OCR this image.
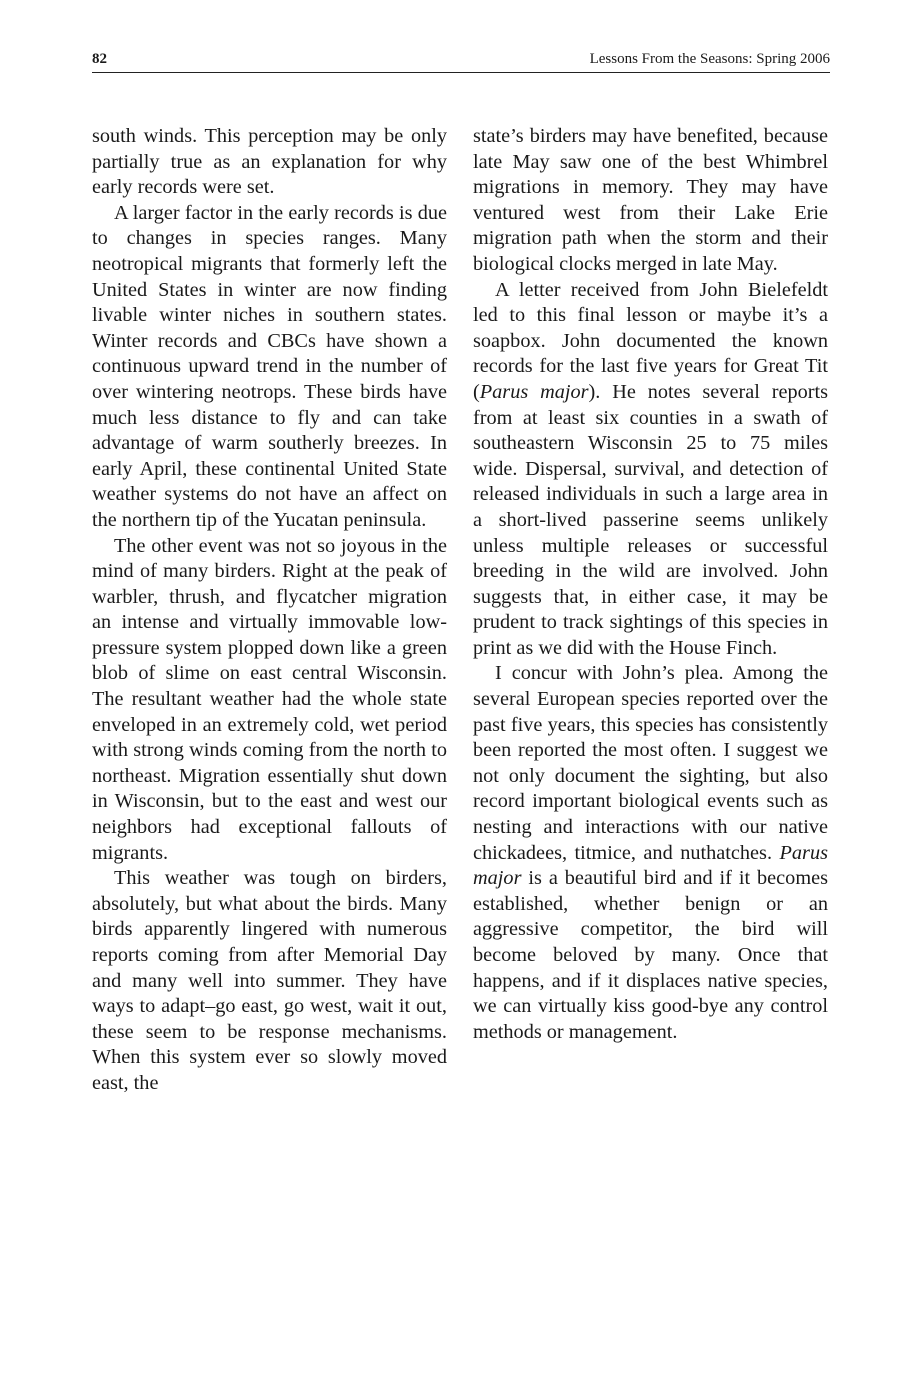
82	Lessons From the Seasons: Spring 2006

south winds. This perception may be only partially true as an explanation for why early records were set.

A larger factor in the early records is due to changes in species ranges. Many neotropical migrants that formerly left the United States in winter are now finding livable winter niches in southern states. Winter records and CBCs have shown a continuous upward trend in the number of over wintering neotrops. These birds have much less distance to fly and can take advantage of warm southerly breezes. In early April, these continental United State weather systems do not have an affect on the northern tip of the Yucatan peninsula.

The other event was not so joyous in the mind of many birders. Right at the peak of warbler, thrush, and flycatcher migration an intense and virtually immovable low-pressure system plopped down like a green blob of slime on east central Wisconsin. The resultant weather had the whole state enveloped in an extremely cold, wet period with strong winds coming from the north to northeast. Migration essentially shut down in Wisconsin, but to the east and west our neighbors had exceptional fallouts of migrants.

This weather was tough on birders, absolutely, but what about the birds. Many birds apparently lingered with numerous reports coming from after Memorial Day and many well into summer. They have ways to adapt–go east, go west, wait it out, these seem to be response mechanisms. When this system ever so slowly moved east, the

state’s birders may have benefited, because late May saw one of the best Whimbrel migrations in memory. They may have ventured west from their Lake Erie migration path when the storm and their biological clocks merged in late May.

A letter received from John Bielefeldt led to this final lesson or maybe it’s a soapbox. John documented the known records for the last five years for Great Tit (Parus major). He notes several reports from at least six counties in a swath of southeastern Wisconsin 25 to 75 miles wide. Dispersal, survival, and detection of released individuals in such a large area in a short-lived passerine seems unlikely unless multiple releases or successful breeding in the wild are involved. John suggests that, in either case, it may be prudent to track sightings of this species in print as we did with the House Finch.

I concur with John’s plea. Among the several European species reported over the past five years, this species has consistently been reported the most often. I suggest we not only document the sighting, but also record important biological events such as nesting and interactions with our native chickadees, titmice, and nuthatches. Parus major is a beautiful bird and if it becomes established, whether benign or an aggressive competitor, the bird will become beloved by many. Once that happens, and if it displaces native species, we can virtually kiss good-bye any control methods or management.
